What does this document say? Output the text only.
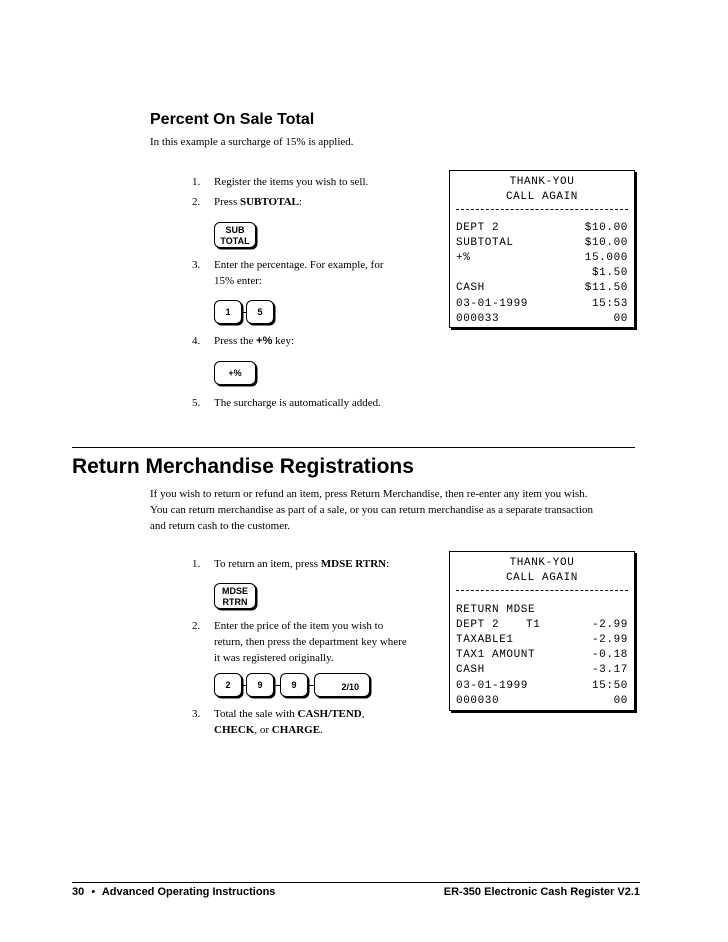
Percent On Sale Total
In this example a surcharge of 15% is applied.
1. Register the items you wish to sell.
2. Press SUBTOTAL:
SUB
TOTAL
3. Enter the percentage. For example, for
15% enter:
1	5
4. Press the +% key:
+%
5. The surcharge is automatically added.
THANK-YOU
CALL AGAIN
DEPT 2	$10.00
SUBTOTAL	$10.00
+%	15.000
$1.50
CASH	$11.50
03-01-1999	15:53
000033	00
Return Merchandise Registrations
If you wish to return or refund an item, press Return Merchandise, then re-enter any item you wish.
You can return merchandise as part of a sale, or you can return merchandise as a separate transaction
and return cash to the customer.
1. To return an item, press MDSE RTRN:
MDSE
RTRN
2. Enter the price of the item you wish to
return, then press the department key where
it was registered originally.
2	9	9	2/10
3. Total the sale with CASH/TEND,
CHECK, or CHARGE.
THANK-YOU
CALL AGAIN
RETURN MDSE
DEPT 2 T1	-2.99
TAXABLE1	-2.99
TAX1 AMOUNT	-0.18
CASH	-3.17
03-01-1999	15:50
000030	00
30 • Advanced Operating Instructions	ER-350 Electronic Cash Register V2.1
